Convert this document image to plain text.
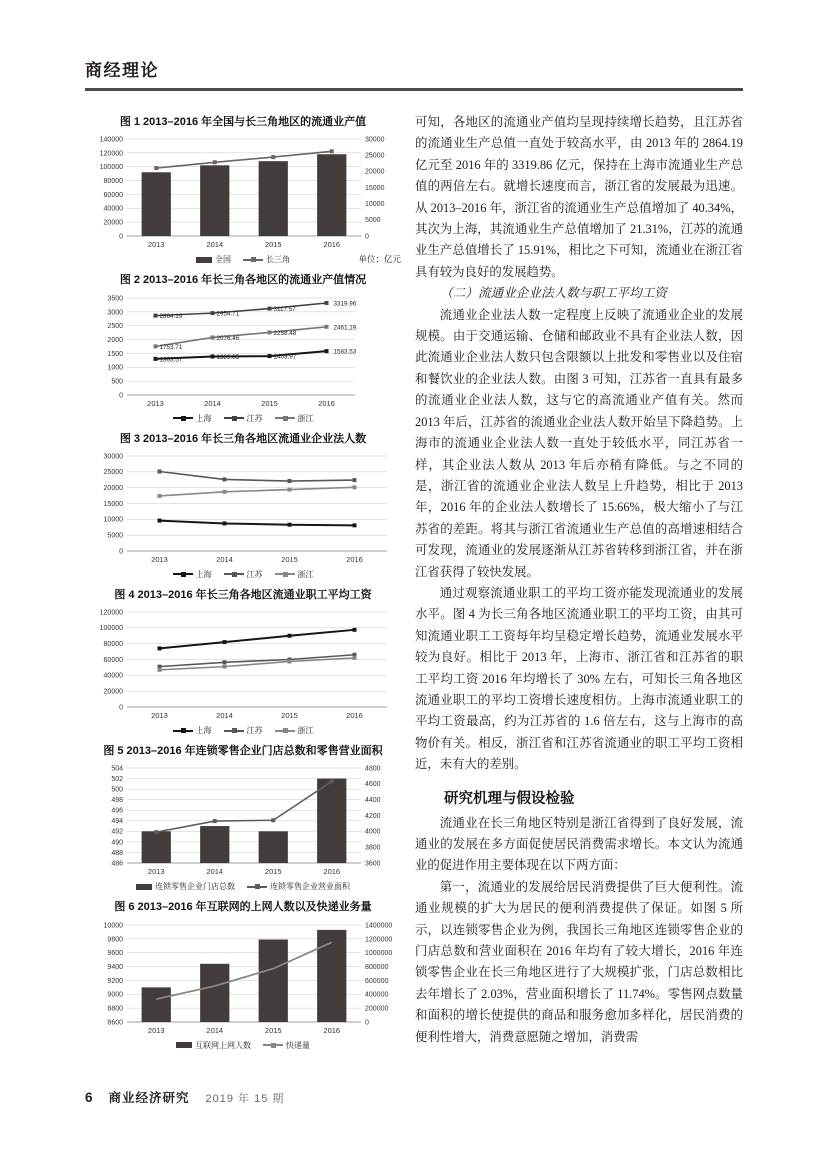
商经理论
图 1 2013–2016 年全国与长三角地区的流通业产值
0
20000
40000
60000
80000
100000
120000
140000
0
5000
10000
15000
20000
25000
30000
2013	2014	2015	2016
全国	长三角	单位：亿元
图 2 2013–2016 年长三角各地区的流通业产值情况
0
500
1000
1500
2000
2500
3000
3500
2013	2014	2015	2016
1303.57	1389.85	1403.97
1583.53
2864.19	2954.71
3117.57
3319.96
1753.71
2076.46
2258.48
2461.19
上海	江苏	浙江
图 3 2013–2016 年长三角各地区流通业企业法人数
0
5000
10000
15000
20000
25000
30000
2013	2014	2015	2016
上海	江苏	浙江
图 4 2013–2016 年长三角各地区流通业职工平均工资
0
20000
40000
60000
80000
100000
120000
2013	2014	2015	2016
上海	江苏	浙江
图 5 2013–2016 年连锁零售企业门店总数和零售营业面积
486
488
490
492
494
496
498
500
502
504
3600
3800
4000
4200
4400
4600
4800
2013	2014	2015	2016
连锁零售企业门店总数	连锁零售企业营业面积
图 6 2013–2016 年互联网的上网人数以及快递业务量
8600
8800
9000
9200
9400
9600
9800
10000
0
200000
400000
600000
800000
1000000
1200000
1400000
2013	2014	2015	2016
互联网上网人数	快递量

可知，各地区的流通业产值均呈现持续增长趋势，且江苏省的流通业生产总值一直处于较高水平，由 2013 年的 2864.19 亿元至 2016 年的 3319.86 亿元，保持在上海市流通业生产总值的两倍左右。就增长速度而言，浙江省的发展最为迅速。从 2013–2016 年，浙江省的流通业生产总值增加了 40.34%，其次为上海，其流通业生产总值增加了 21.31%，江苏的流通业生产总值增长了 15.91%，相比之下可知，流通业在浙江省具有较为良好的发展趋势。

（二）流通业企业法人数与职工平均工资

流通业企业法人数一定程度上反映了流通业企业的发展规模。由于交通运输、仓储和邮政业不具有企业法人数，因此流通业企业法人数只包含限额以上批发和零售业以及住宿和餐饮业的企业法人数。由图 3 可知，江苏省一直具有最多的流通业企业法人数，这与它的高流通业产值有关。然而 2013 年后，江苏省的流通业企业法人数开始呈下降趋势。上海市的流通业企业法人数一直处于较低水平，同江苏省一样，其企业法人数从 2013 年后亦稍有降低。与之不同的是，浙江省的流通业企业法人数呈上升趋势，相比于 2013 年，2016 年的企业法人数增长了 15.66%，极大缩小了与江苏省的差距。将其与浙江省流通业生产总值的高增速相结合可发现，流通业的发展逐渐从江苏省转移到浙江省，并在浙江省获得了较快发展。

通过观察流通业职工的平均工资亦能发现流通业的发展水平。图 4 为长三角各地区流通业职工的平均工资，由其可知流通业职工工资每年均呈稳定增长趋势，流通业发展水平较为良好。相比于 2013 年，上海市、浙江省和江苏省的职工平均工资 2016 年均增长了 30% 左右，可知长三角各地区流通业职工的平均工资增长速度相仿。上海市流通业职工的平均工资最高，约为江苏省的 1.6 倍左右，这与上海市的高物价有关。相反，浙江省和江苏省流通业的职工平均工资相近，未有大的差别。

研究机理与假设检验

流通业在长三角地区特别是浙江省得到了良好发展，流通业的发展在多方面促使居民消费需求增长。本文认为流通业的促进作用主要体现在以下两方面：

第一，流通业的发展给居民消费提供了巨大便利性。流通业规模的扩大为居民的便利消费提供了保证。如图 5 所示，以连锁零售企业为例，我国长三角地区连锁零售企业的门店总数和营业面积在 2016 年均有了较大增长，2016 年连锁零售企业在长三角地区进行了大规模扩张，门店总数相比去年增长了 2.03%，营业面积增长了 11.74%。零售网点数量和面积的增长使提供的商品和服务愈加多样化，居民消费的便利性增大，消费意愿随之增加，消费需

6 商业经济研究 2019 年 15 期
